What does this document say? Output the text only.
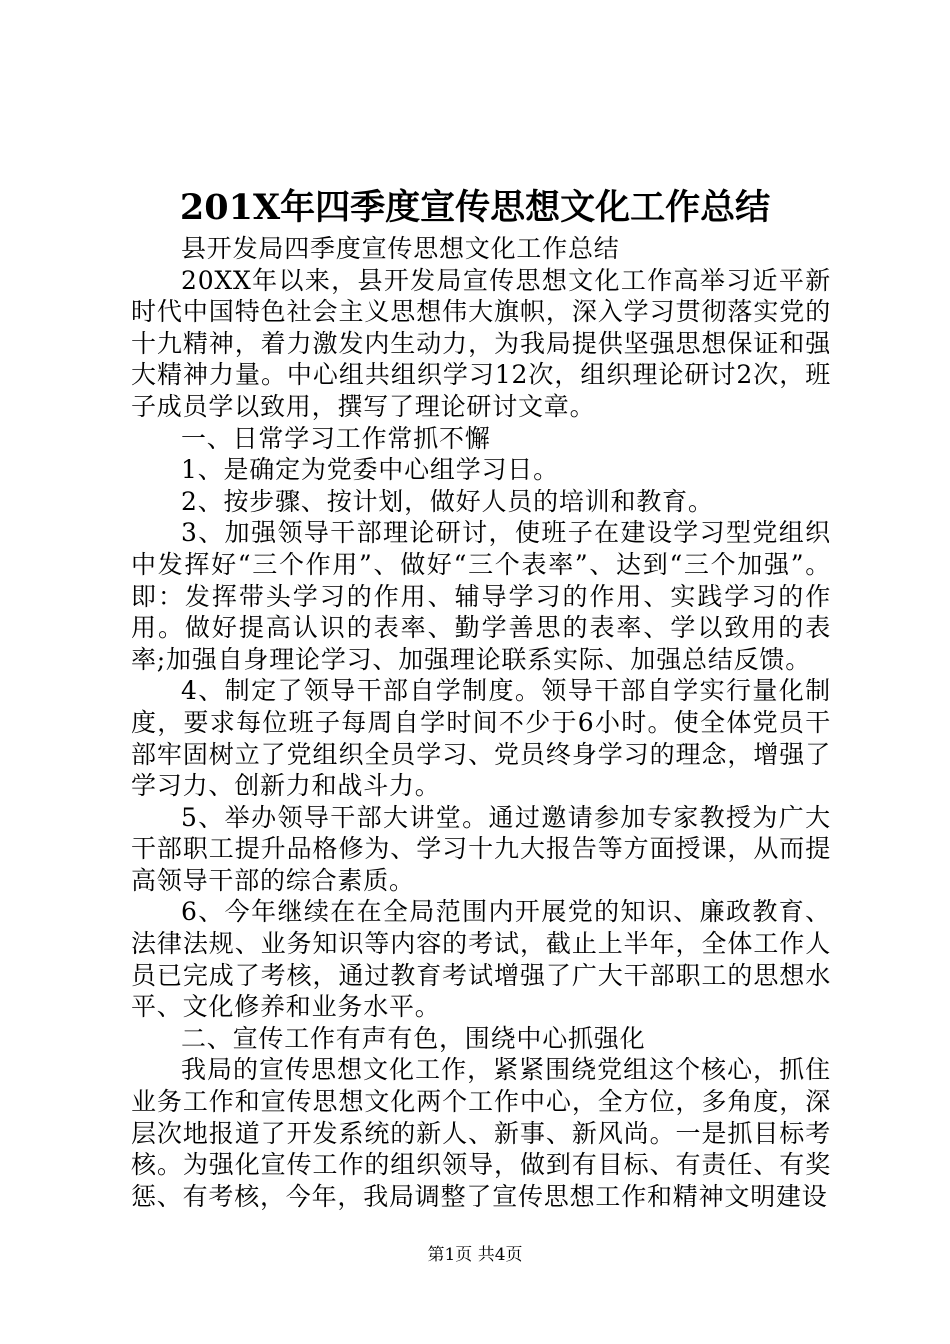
201X年四季度宣传思想文化工作总结

县开发局四季度宣传思想文化工作总结

20XX年以来，县开发局宣传思想文化工作高举习近平新时代中国特色社会主义思想伟大旗帜，深入学习贯彻落实党的十九精神，着力激发内生动力，为我局提供坚强思想保证和强大精神力量。中心组共组织学习12次，组织理论研讨2次，班子成员学以致用，撰写了理论研讨文章。

一、日常学习工作常抓不懈

1、是确定为党委中心组学习日。

2、按步骤、按计划，做好人员的培训和教育。

3、加强领导干部理论研讨，使班子在建设学习型党组织中发挥好“三个作用”、做好“三个表率”、达到“三个加强”。即：发挥带头学习的作用、辅导学习的作用、实践学习的作用。做好提高认识的表率、勤学善思的表率、学以致用的表率;加强自身理论学习、加强理论联系实际、加强总结反馈。

4、制定了领导干部自学制度。领导干部自学实行量化制度，要求每位班子每周自学时间不少于6小时。使全体党员干部牢固树立了党组织全员学习、党员终身学习的理念，增强了学习力、创新力和战斗力。

5、举办领导干部大讲堂。通过邀请参加专家教授为广大干部职工提升品格修为、学习十九大报告等方面授课，从而提高领导干部的综合素质。

6、今年继续在在全局范围内开展党的知识、廉政教育、法律法规、业务知识等内容的考试，截止上半年，全体工作人员已完成了考核，通过教育考试增强了广大干部职工的思想水平、文化修养和业务水平。

二、宣传工作有声有色，围绕中心抓强化

我局的宣传思想文化工作，紧紧围绕党组这个核心，抓住业务工作和宣传思想文化两个工作中心，全方位，多角度，深层次地报道了开发系统的新人、新事、新风尚。一是抓目标考核。为强化宣传工作的组织领导，做到有目标、有责任、有奖惩、有考核，今年，我局调整了宣传思想工作和精神文明建设

第1页 共4页
